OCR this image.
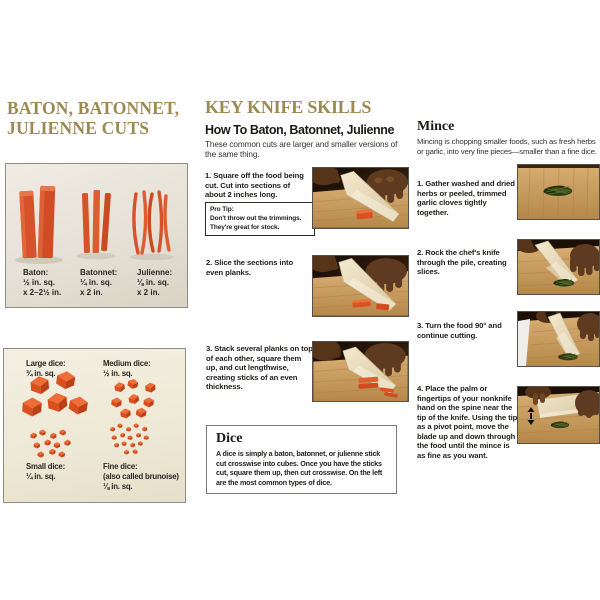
BATON, BATONNET,
JULIENNE CUTS
Baton:
½ in. sq.
x 2–2½ in.
Batonnet:
¼ in. sq.
x 2 in.
Julienne:
⅛ in. sq.
x 2 in.
Large dice:
¾ in. sq.
Medium dice:
½ in. sq.
Small dice:
¼ in. sq.
Fine dice:
(also called brunoise)
⅛ in. sq.
KEY KNIFE SKILLS
How To Baton, Batonnet, Julienne
These common cuts are larger and smaller versions of the same thing.
1. Square off the food being cut. Cut into sections of about 2 inches long.
Pro Tip:
Don't throw out the trimmings.
They're great for stock.
2. Slice the sections into even planks.
3. Stack several planks on top of each other, square them up, and cut lengthwise, creating sticks of an even thickness.
Dice
A dice is simply a baton, batonnet, or julienne stick cut crosswise into cubes. Once you have the sticks cut, square them up, then cut crosswise. On the left are the most common types of dice.
Mince
Mincing is chopping smaller foods, such as fresh herbs or garlic, into very fine pieces—smaller than a fine dice.
1. Gather washed and dried herbs or peeled, trimmed garlic cloves tightly together.
2. Rock the chef's knife through the pile, creating slices.
3. Turn the food 90° and continue cutting.
4. Place the palm or fingertips of your nonknife hand on the spine near the tip of the knife. Using the tip as a pivot point, move the blade up and down through the food until the mince is as fine as you want.
